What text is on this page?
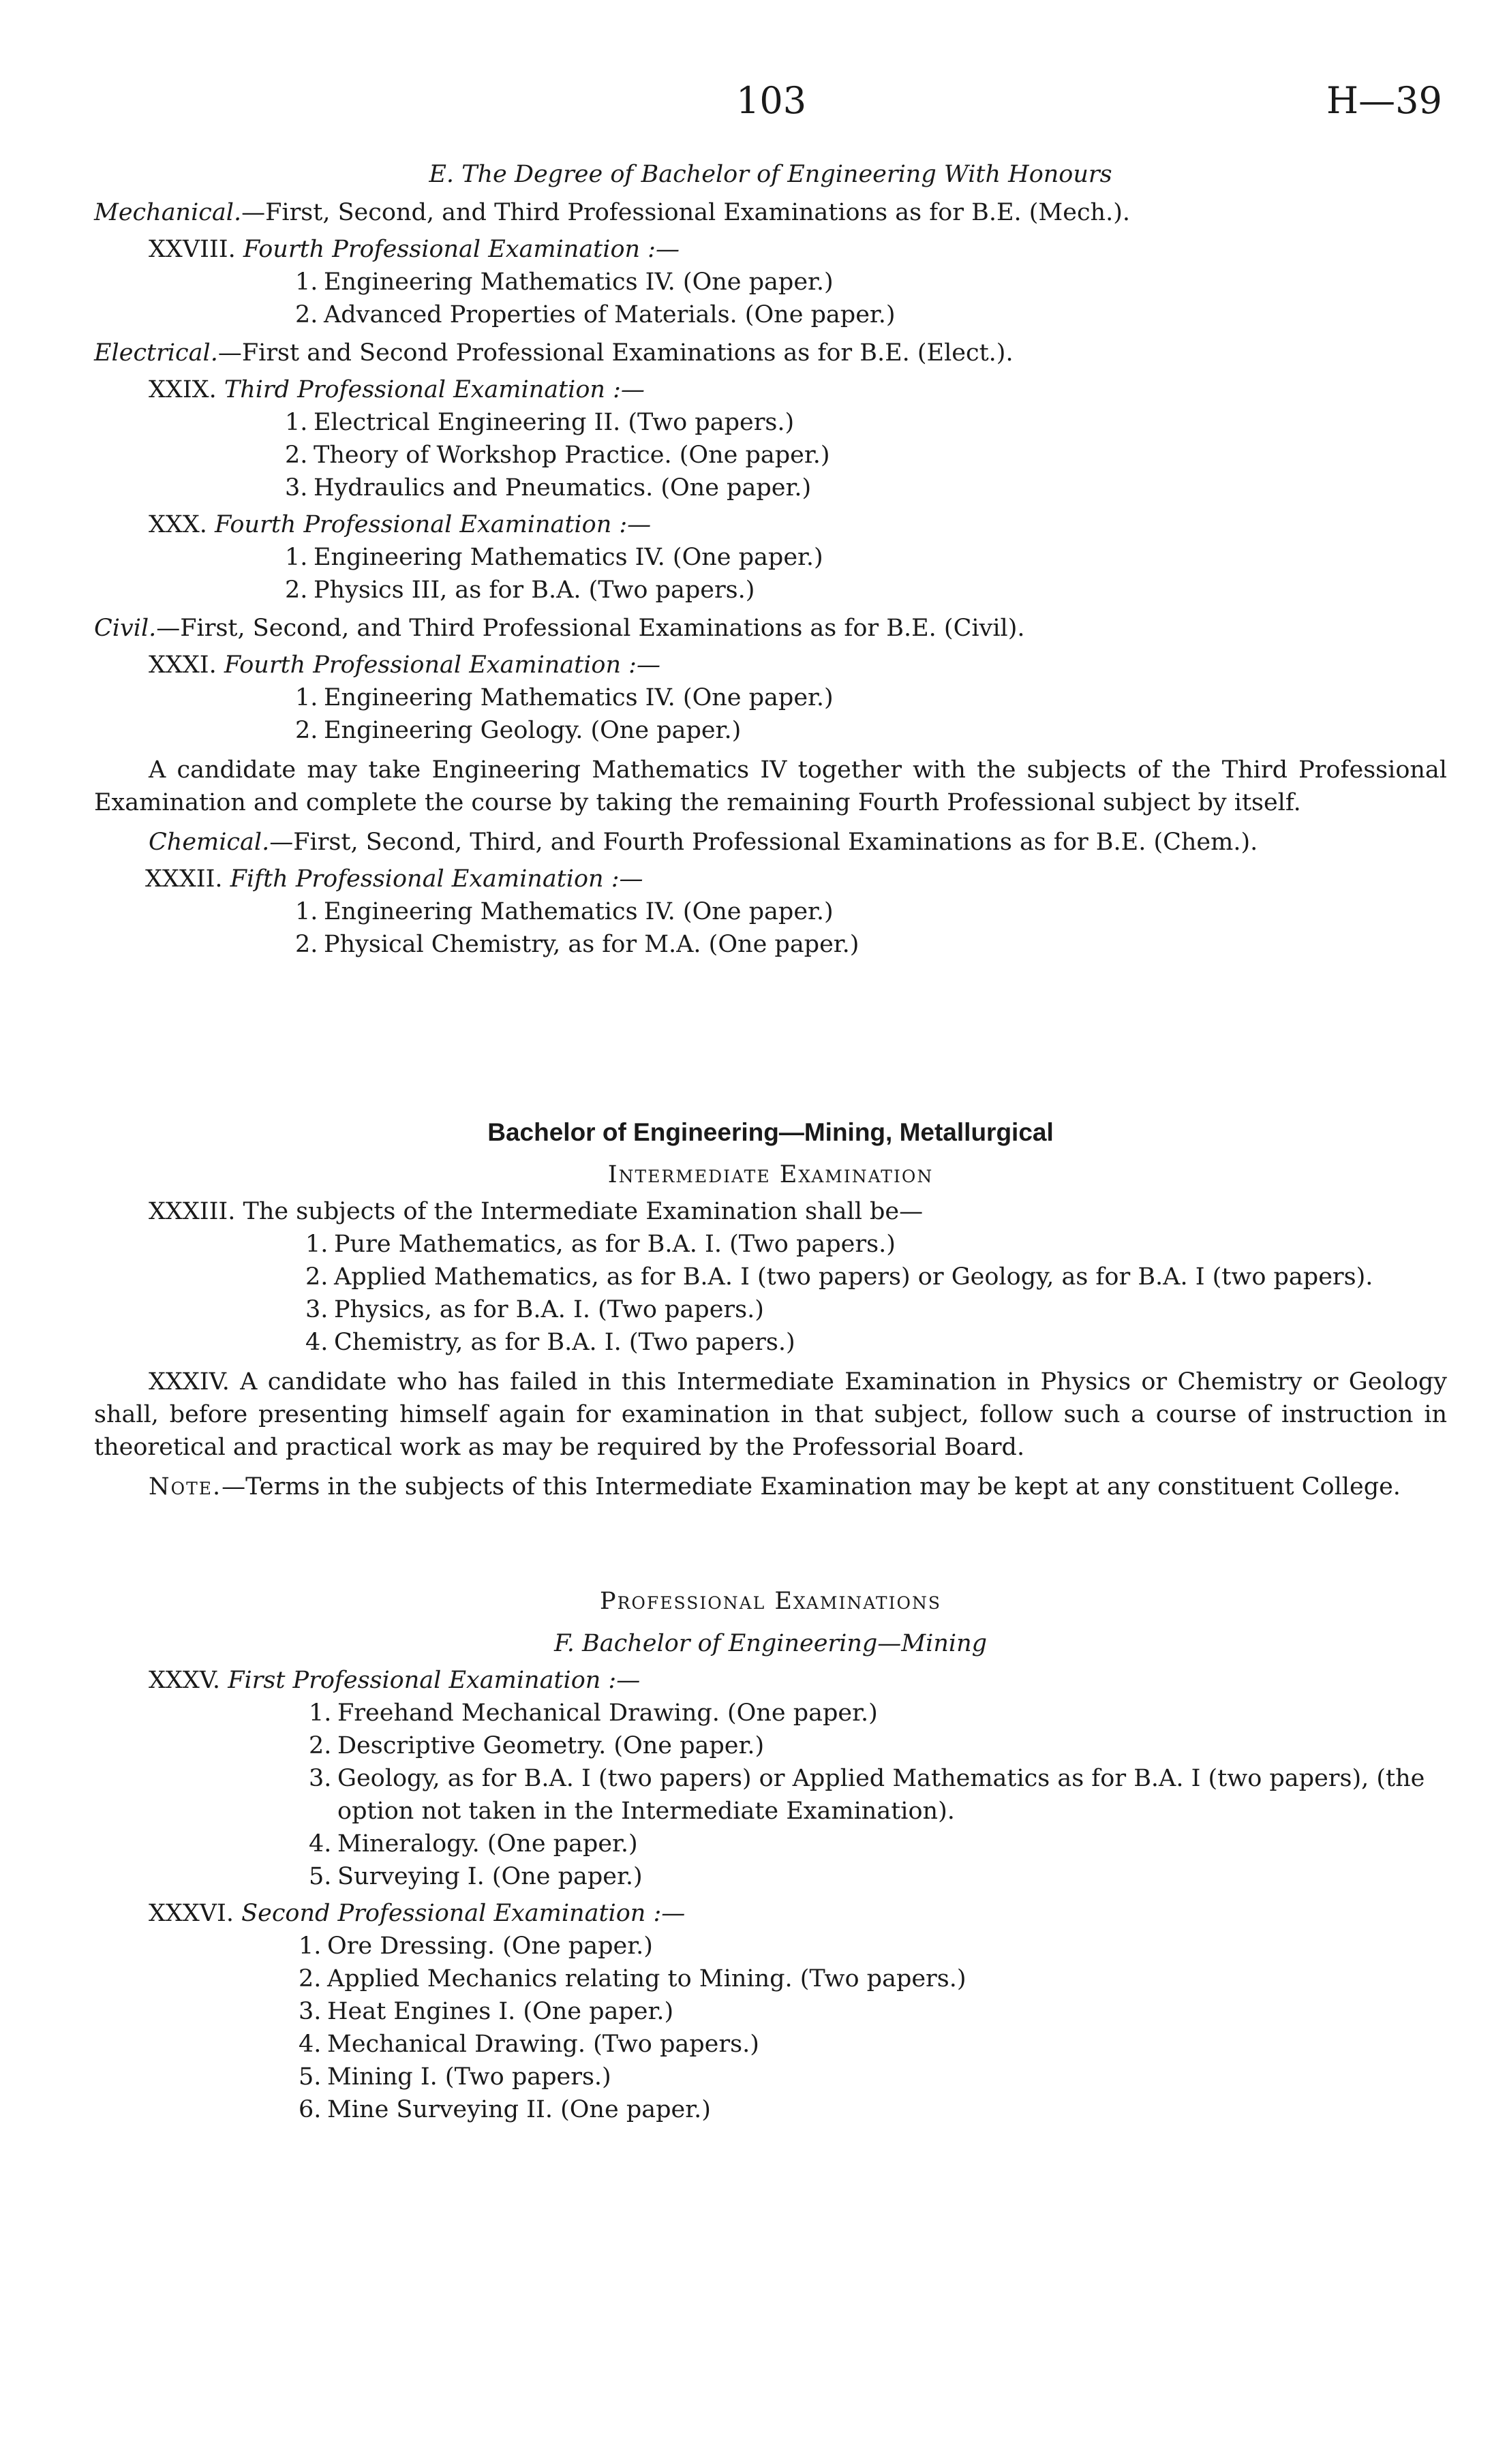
103	H—39
E. The Degree of Bachelor of Engineering With Honours
Mechanical.—First, Second, and Third Professional Examinations as for B.E. (Mech.).
XXVIII. Fourth Professional Examination :—
1. Engineering Mathematics IV. (One paper.)
2. Advanced Properties of Materials. (One paper.)
Electrical.—First and Second Professional Examinations as for B.E. (Elect.).
XXIX. Third Professional Examination :—
1. Electrical Engineering II. (Two papers.)
2. Theory of Workshop Practice. (One paper.)
3. Hydraulics and Pneumatics. (One paper.)
XXX. Fourth Professional Examination :—
1. Engineering Mathematics IV. (One paper.)
2. Physics III, as for B.A. (Two papers.)
Civil.—First, Second, and Third Professional Examinations as for B.E. (Civil).
XXXI. Fourth Professional Examination :—
1. Engineering Mathematics IV. (One paper.)
2. Engineering Geology. (One paper.)
A candidate may take Engineering Mathematics IV together with the subjects of the Third Professional Examination and complete the course by taking the remaining Fourth Professional subject by itself.
Chemical.—First, Second, Third, and Fourth Professional Examinations as for B.E. (Chem.).
XXXII. Fifth Professional Examination :—
1. Engineering Mathematics IV. (One paper.)
2. Physical Chemistry, as for M.A. (One paper.)
Bachelor of Engineering—Mining, Metallurgical
Intermediate Examination
XXXIII. The subjects of the Intermediate Examination shall be—
1. Pure Mathematics, as for B.A. I. (Two papers.)
2. Applied Mathematics, as for B.A. I (two papers) or Geology, as for B.A. I (two papers).
3. Physics, as for B.A. I. (Two papers.)
4. Chemistry, as for B.A. I. (Two papers.)
XXXIV. A candidate who has failed in this Intermediate Examination in Physics or Chemistry or Geology shall, before presenting himself again for examination in that subject, follow such a course of instruction in theoretical and practical work as may be required by the Professorial Board.
Note.—Terms in the subjects of this Intermediate Examination may be kept at any constituent College.
Professional Examinations
F. Bachelor of Engineering—Mining
XXXV. First Professional Examination :—
1. Freehand Mechanical Drawing. (One paper.)
2. Descriptive Geometry. (One paper.)
3. Geology, as for B.A. I (two papers) or Applied Mathematics as for B.A. I (two papers), (the option not taken in the Intermediate Examination).
4. Mineralogy. (One paper.)
5. Surveying I. (One paper.)
XXXVI. Second Professional Examination :—
1. Ore Dressing. (One paper.)
2. Applied Mechanics relating to Mining. (Two papers.)
3. Heat Engines I. (One paper.)
4. Mechanical Drawing. (Two papers.)
5. Mining I. (Two papers.)
6. Mine Surveying II. (One paper.)
